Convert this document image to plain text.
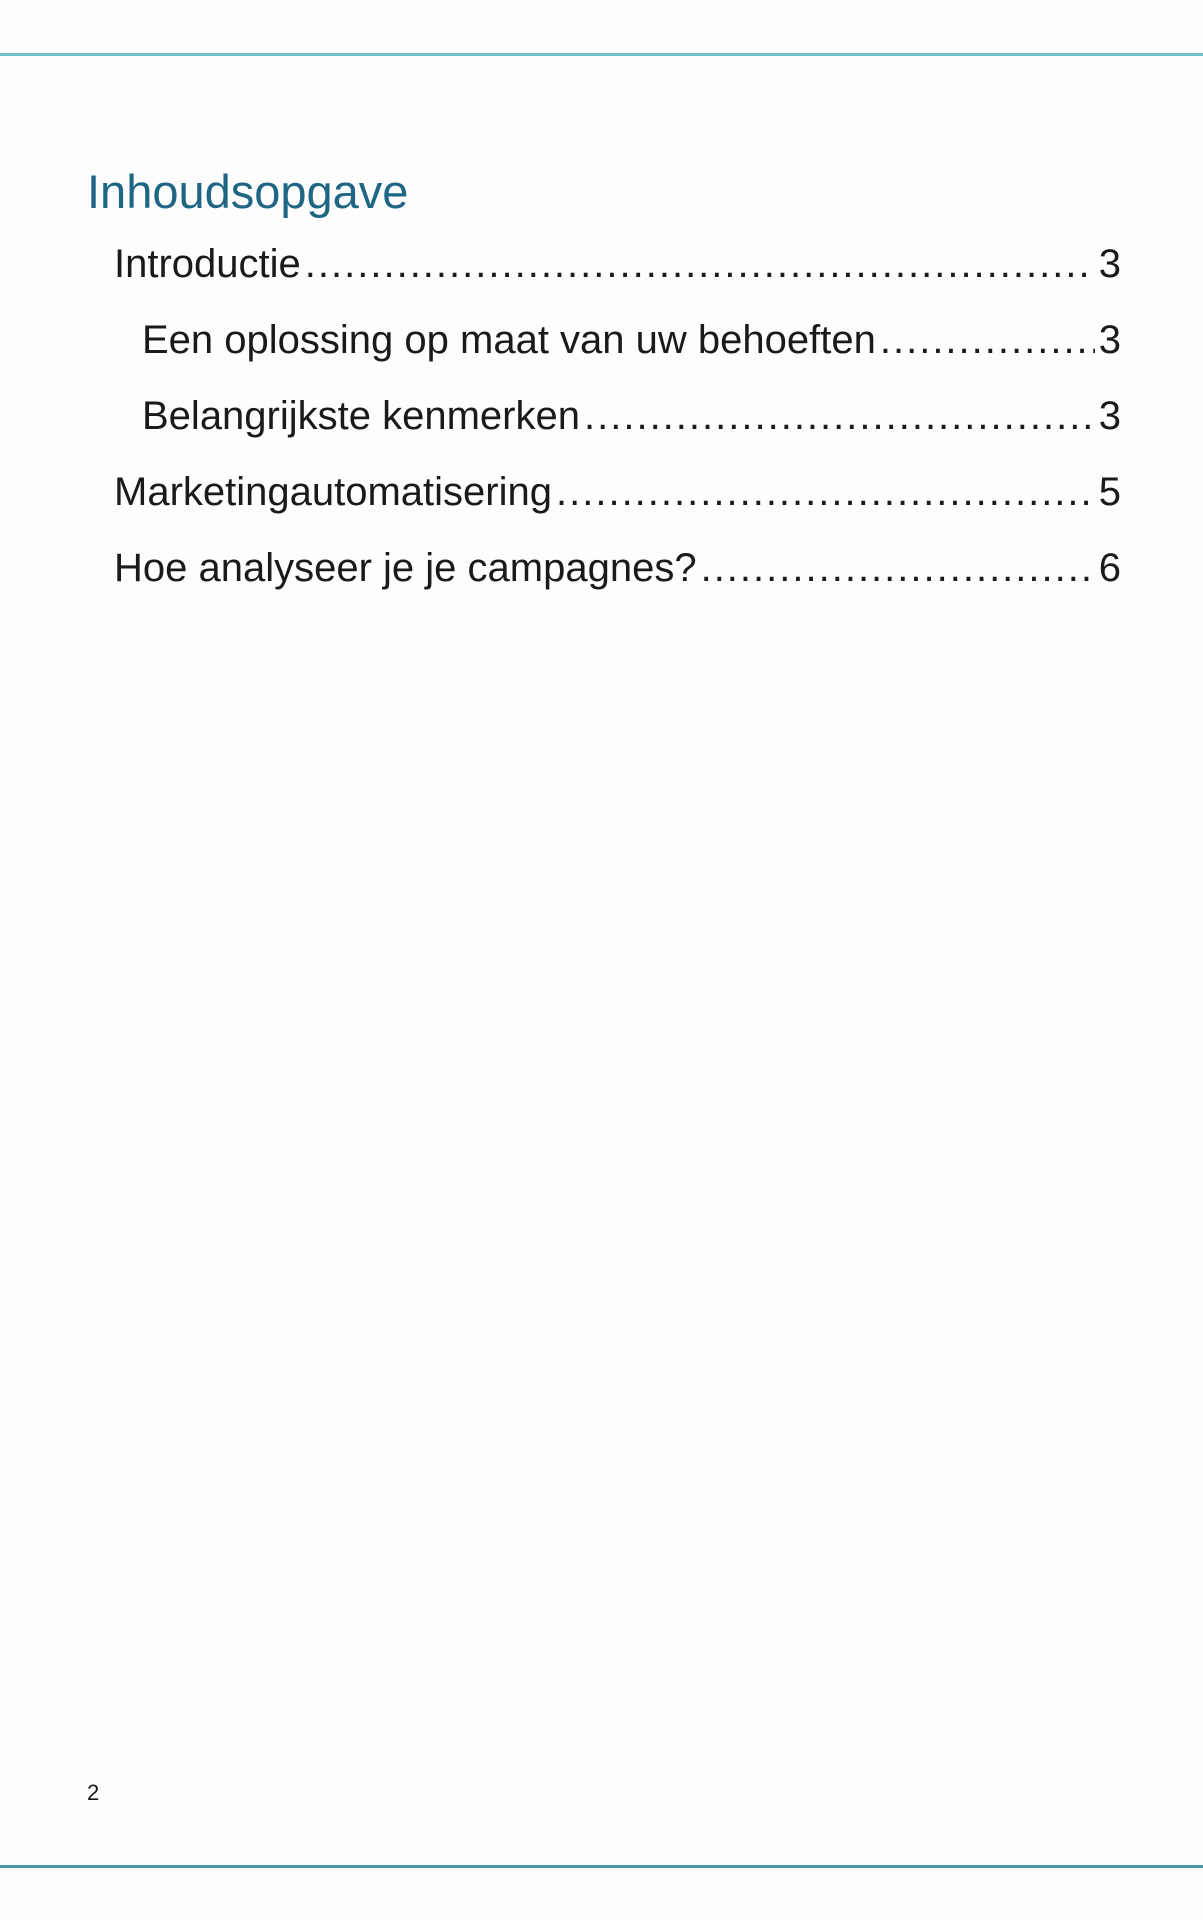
Inhoudsopgave
Introductie .....	3
Een oplossing op maat van uw behoeften .....	3
Belangrijkste kenmerken .....	3
Marketingautomatisering .....	5
Hoe analyseer je je campagnes? .....	6
2
